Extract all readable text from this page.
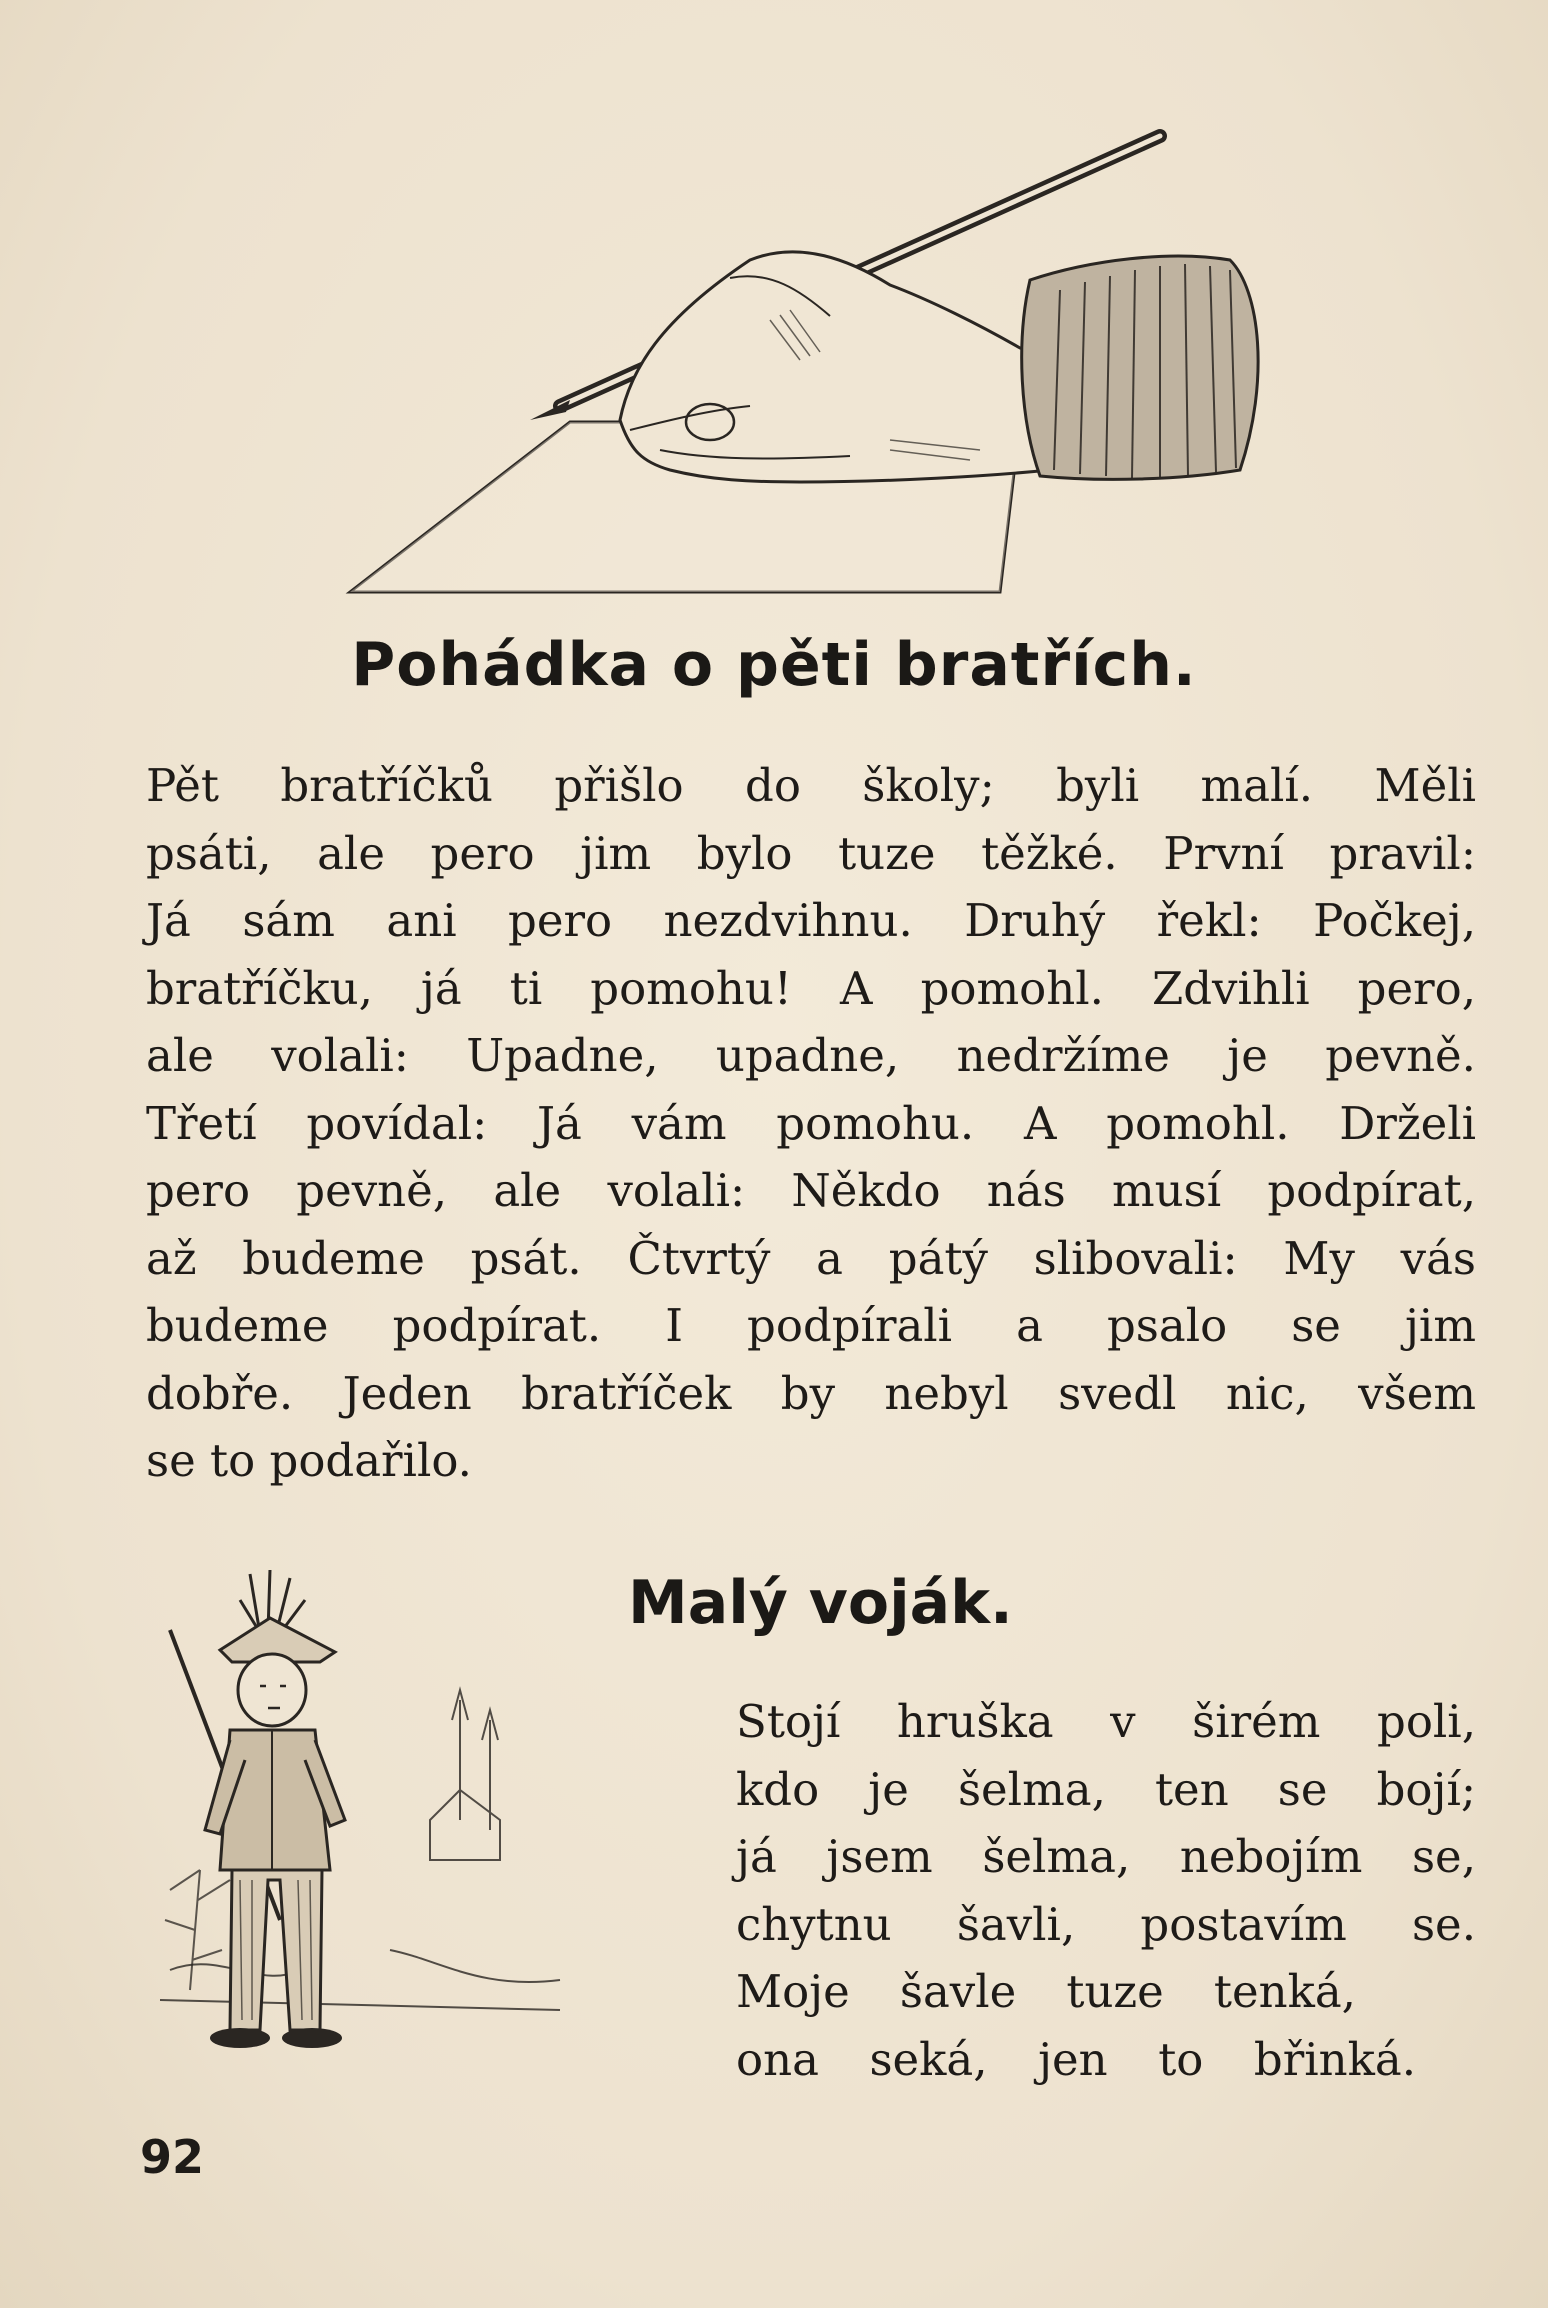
Pohádka o pěti bratřích.
Pět bratříčků přišlo do školy; byli malí. Měli
psáti, ale pero jim bylo tuze těžké. První pravil:
Já sám ani pero nezdvihnu. Druhý řekl: Počkej,
bratříčku, já ti pomohu! A pomohl. Zdvihli pero,
ale volali: Upadne, upadne, nedržíme je pevně.
Třetí povídal: Já vám pomohu. A pomohl. Drželi
pero pevně, ale volali: Někdo nás musí podpírat,
až budeme psát. Čtvrtý a pátý slibovali: My vás
budeme podpírat. I podpírali a psalo se jim
dobře. Jeden bratříček by nebyl svedl nic, všem
se to podařilo.
Malý voják.
Stojí hruška v širém poli,
kdo je šelma, ten se bojí;
já jsem šelma, nebojím se,
chytnu šavli, postavím se.
Moje šavle tuze tenká,
ona seká, jen to břinká.
92
